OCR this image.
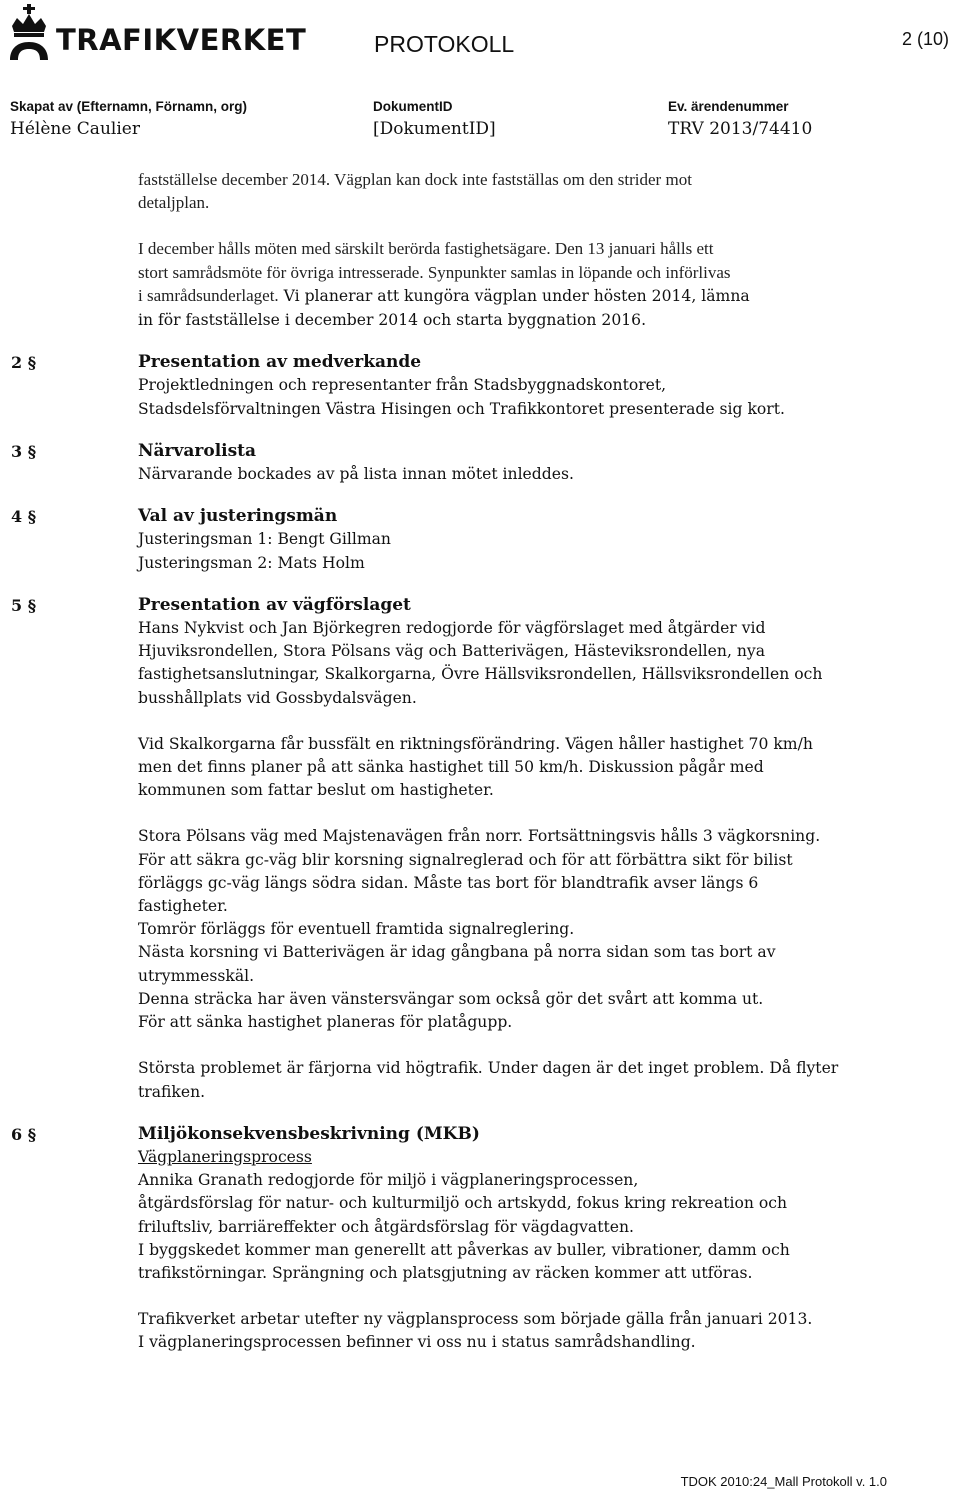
TRAFIKVERKET	PROTOKOLL	2 (10)
Skapat av (Efternamn, Förnamn, org)
Hélène Caulier
DokumentID
[DokumentID]
Ev. ärendenummer
TRV 2013/74410
fastställelse december 2014. Vägplan kan dock inte fastställas om den strider mot
detaljplan.
I december hålls möten med särskilt berörda fastighetsägare. Den 13 januari hålls ett
stort samrådsmöte för övriga intresserade. Synpunkter samlas in löpande och införlivas
i samrådsunderlaget. Vi planerar att kungöra vägplan under hösten 2014, lämna
in för fastställelse i december 2014 och starta byggnation 2016.
2 §	Presentation av medverkande
Projektledningen och representanter från Stadsbyggnadskontoret,
Stadsdelsförvaltningen Västra Hisingen och Trafikkontoret presenterade sig kort.
3 §	Närvarolista
Närvarande bockades av på lista innan mötet inleddes.
4 §	Val av justeringsmän
Justeringsman 1: Bengt Gillman
Justeringsman 2: Mats Holm
5 §	Presentation av vägförslaget
Hans Nykvist och Jan Björkegren redogjorde för vägförslaget med åtgärder vid
Hjuviksrondellen, Stora Pölsans väg och Batterivägen, Hästeviksrondellen, nya
fastighetsanslutningar, Skalkorgarna, Övre Hällsviksrondellen, Hällsviksrondellen och
busshållplats vid Gossbydalsvägen.
Vid Skalkorgarna får bussfält en riktningsförändring. Vägen håller hastighet 70 km/h
men det finns planer på att sänka hastighet till 50 km/h. Diskussion pågår med
kommunen som fattar beslut om hastigheter.
Stora Pölsans väg med Majstenavägen från norr. Fortsättningsvis hålls 3 vägkorsning.
För att säkra gc-väg blir korsning signalreglerad och för att förbättra sikt för bilist
förläggs gc-väg längs södra sidan. Måste tas bort för blandtrafik avser längs 6
fastigheter.
Tomrör förläggs för eventuell framtida signalreglering.
Nästa korsning vi Batterivägen är idag gångbana på norra sidan som tas bort av
utrymmesskäl.
Denna sträcka har även vänstersvängar som också gör det svårt att komma ut.
För att sänka hastighet planeras för platågupp.
Största problemet är färjorna vid högtrafik. Under dagen är det inget problem. Då flyter
trafiken.
6 §	Miljökonsekvensbeskrivning (MKB)
Vägplaneringsprocess
Annika Granath redogjorde för miljö i vägplaneringsprocessen,
åtgärdsförslag för natur- och kulturmiljö och artskydd, fokus kring rekreation och
friluftsliv, barriäreffekter och åtgärdsförslag för vägdagvatten.
I byggskedet kommer man generellt att påverkas av buller, vibrationer, damm och
trafikstörningar. Sprängning och platsgjutning av räcken kommer att utföras.
Trafikverket arbetar utefter ny vägplansprocess som började gälla från januari 2013.
I vägplaneringsprocessen befinner vi oss nu i status samrådshandling.
TDOK 2010:24_Mall Protokoll v. 1.0
